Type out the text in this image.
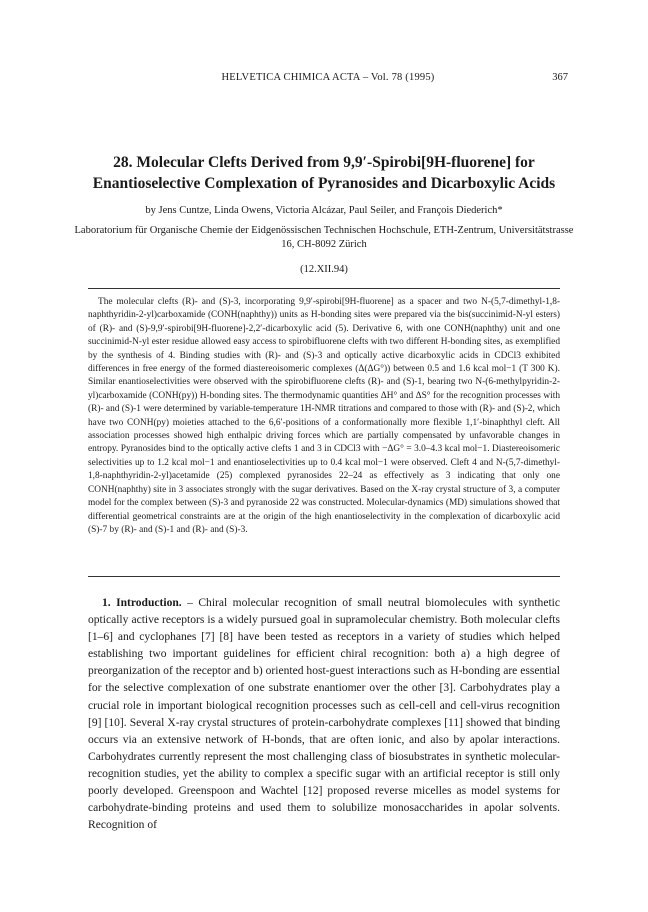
HELVETICA CHIMICA ACTA – Vol. 78 (1995)	367
28. Molecular Clefts Derived from 9,9′-Spirobi[9H-fluorene] for Enantioselective Complexation of Pyranosides and Dicarboxylic Acids
by Jens Cuntze, Linda Owens, Victoria Alcázar, Paul Seiler, and François Diederich*
Laboratorium für Organische Chemie der Eidgenössischen Technischen Hochschule, ETH-Zentrum, Universitätstrasse 16, CH-8092 Zürich
(12.XII.94)
The molecular clefts (R)- and (S)-3, incorporating 9,9′-spirobi[9H-fluorene] as a spacer and two N-(5,7-dimethyl-1,8-naphthyridin-2-yl)carboxamide (CONH(naphthy)) units as H-bonding sites were prepared via the bis(succinimid-N-yl esters) of (R)- and (S)-9,9′-spirobi[9H-fluorene]-2,2′-dicarboxylic acid (5). Derivative 6, with one CONH(naphthy) unit and one succinimid-N-yl ester residue allowed easy access to spirobifluorene clefts with two different H-bonding sites, as exemplified by the synthesis of 4. Binding studies with (R)- and (S)-3 and optically active dicarboxylic acids in CDCl3 exhibited differences in free energy of the formed diastereoisomeric complexes (Δ(ΔG°)) between 0.5 and 1.6 kcal mol−1 (T 300 K). Similar enantioselectivities were observed with the spirobifluorene clefts (R)- and (S)-1, bearing two N-(6-methylpyridin-2-yl)carboxamide (CONH(py)) H-bonding sites. The thermodynamic quantities ΔH° and ΔS° for the recognition processes with (R)- and (S)-1 were determined by variable-temperature 1H-NMR titrations and compared to those with (R)- and (S)-2, which have two CONH(py) moieties attached to the 6,6′-positions of a conformationally more flexible 1,1′-binaphthyl cleft. All association processes showed high enthalpic driving forces which are partially compensated by unfavorable changes in entropy. Pyranosides bind to the optically active clefts 1 and 3 in CDCl3 with −ΔG° = 3.0–4.3 kcal mol−1. Diastereoisomeric selectivities up to 1.2 kcal mol−1 and enantioselectivities up to 0.4 kcal mol−1 were observed. Cleft 4 and N-(5,7-dimethyl-1,8-naphthyridin-2-yl)acetamide (25) complexed pyranosides 22–24 as effectively as 3 indicating that only one CONH(naphthy) site in 3 associates strongly with the sugar derivatives. Based on the X-ray crystal structure of 3, a computer model for the complex between (S)-3 and pyranoside 22 was constructed. Molecular-dynamics (MD) simulations showed that differential geometrical constraints are at the origin of the high enantioselectivity in the complexation of dicarboxylic acid (S)-7 by (R)- and (S)-1 and (R)- and (S)-3.
1. Introduction. – Chiral molecular recognition of small neutral biomolecules with synthetic optically active receptors is a widely pursued goal in supramolecular chemistry. Both molecular clefts [1–6] and cyclophanes [7] [8] have been tested as receptors in a variety of studies which helped establishing two important guidelines for efficient chiral recognition: both a) a high degree of preorganization of the receptor and b) oriented host-guest interactions such as H-bonding are essential for the selective complexation of one substrate enantiomer over the other [3]. Carbohydrates play a crucial role in important biological recognition processes such as cell-cell and cell-virus recognition [9] [10]. Several X-ray crystal structures of protein-carbohydrate complexes [11] showed that binding occurs via an extensive network of H-bonds, that are often ionic, and also by apolar interactions. Carbohydrates currently represent the most challenging class of biosubstrates in synthetic molecular-recognition studies, yet the ability to complex a specific sugar with an artificial receptor is still only poorly developed. Greenspoon and Wachtel [12] proposed reverse micelles as model systems for carbohydrate-binding proteins and used them to solubilize monosaccharides in apolar solvents. Recognition of
